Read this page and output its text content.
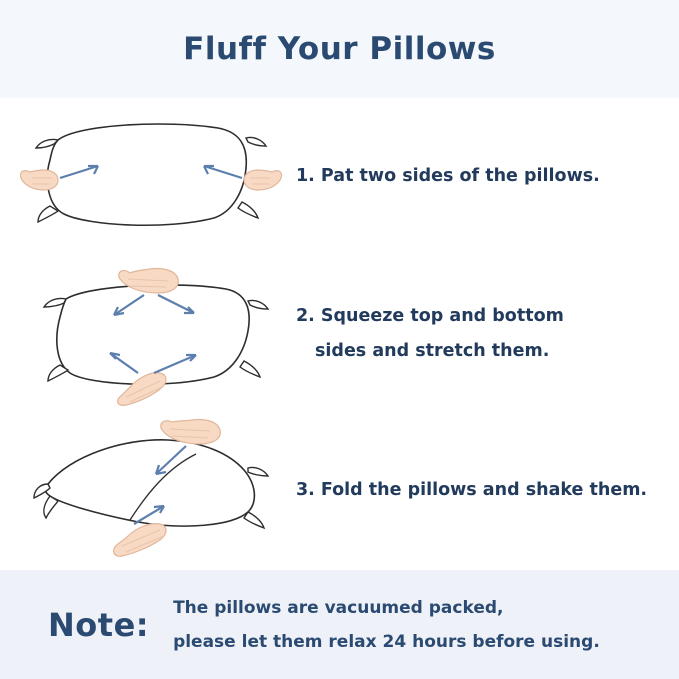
Fluff Your Pillows
1. Pat two sides of the pillows.
2. Squeeze top and bottom
sides and stretch them.
3. Fold the pillows and shake them.
Note: The pillows are vacuumed packed,
please let them relax 24 hours before using.
